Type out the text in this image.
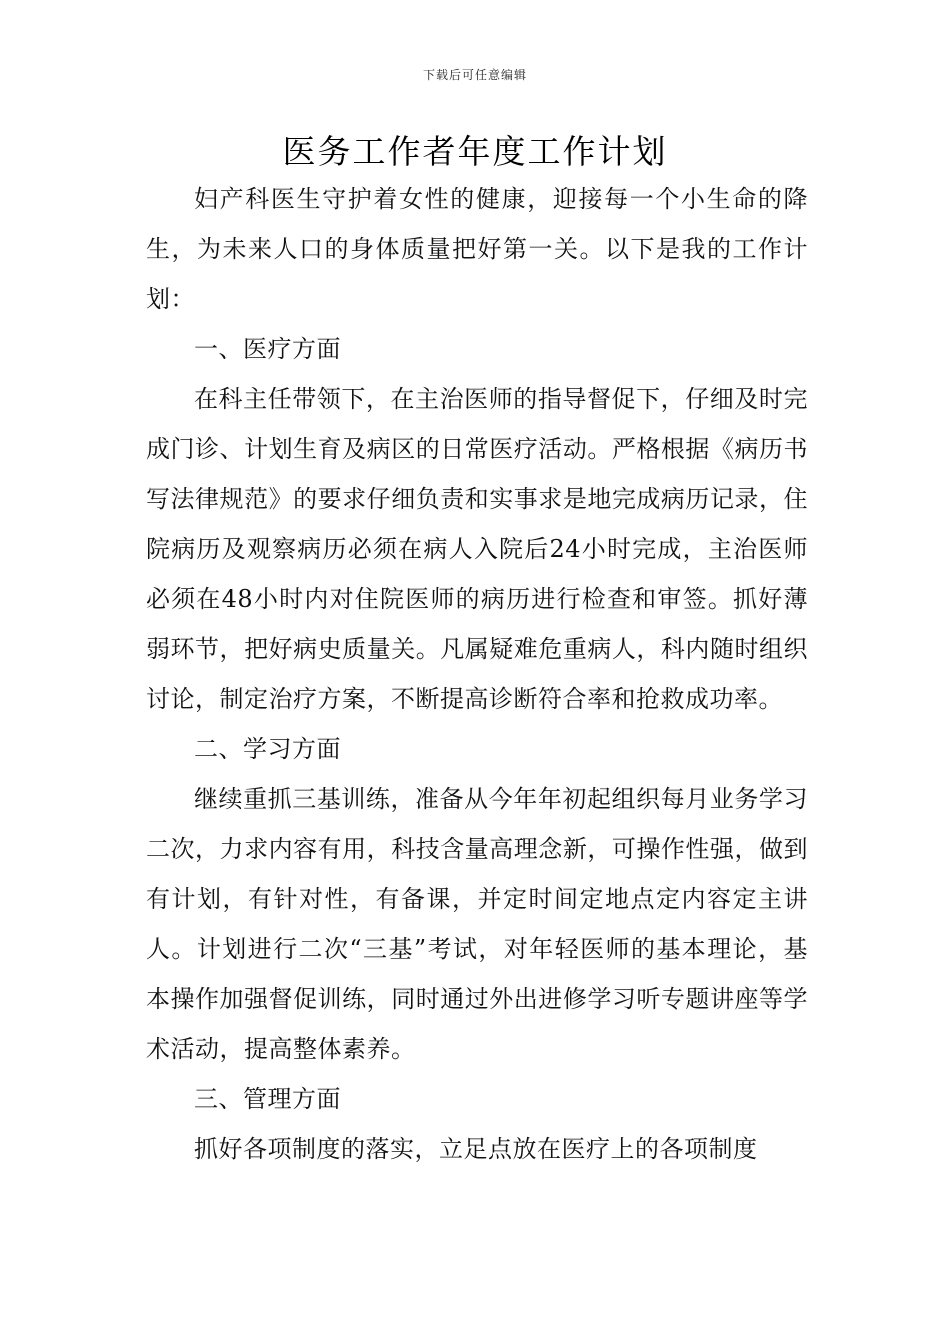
下载后可任意编辑
医务工作者年度工作计划

妇产科医生守护着女性的健康，迎接每一个小生命的降生，为未来人口的身体质量把好第一关。以下是我的工作计划：

一、医疗方面

在科主任带领下，在主治医师的指导督促下，仔细及时完成门诊、计划生育及病区的日常医疗活动。严格根据《病历书写法律规范》的要求仔细负责和实事求是地完成病历记录，住院病历及观察病历必须在病人入院后24小时完成，主治医师必须在48小时内对住院医师的病历进行检查和审签。抓好薄弱环节，把好病史质量关。凡属疑难危重病人，科内随时组织讨论，制定治疗方案，不断提高诊断符合率和抢救成功率。

二、学习方面

继续重抓三基训练，准备从今年年初起组织每月业务学习二次，力求内容有用，科技含量高理念新，可操作性强，做到有计划，有针对性，有备课，并定时间定地点定内容定主讲人。计划进行二次“三基”考试，对年轻医师的基本理论，基本操作加强督促训练，同时通过外出进修学习听专题讲座等学术活动，提高整体素养。

三、管理方面

抓好各项制度的落实，立足点放在医疗上的各项制度
